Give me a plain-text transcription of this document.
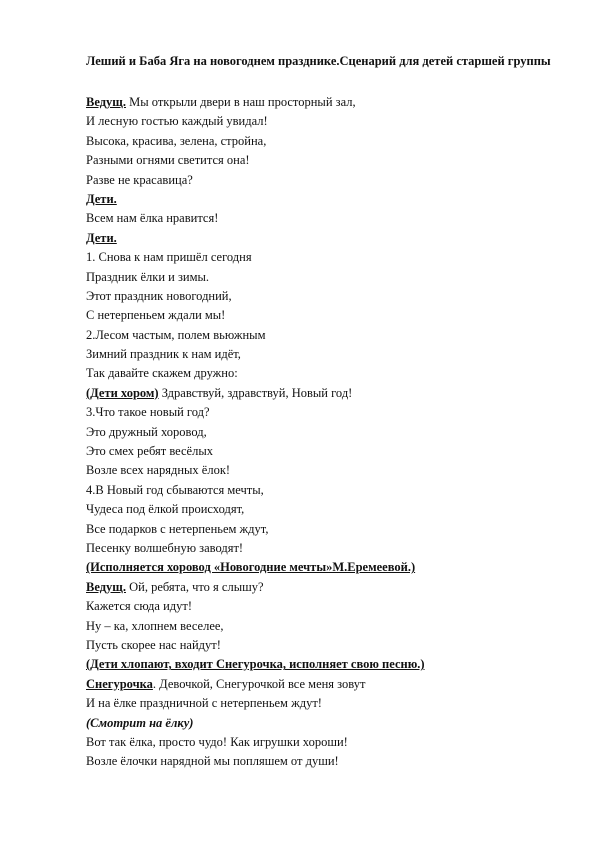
Леший и Баба Яга на новогоднем празднике.Сценарий для детей старшей группы
Ведущ. Мы открыли двери в наш просторный зал,
И лесную гостью каждый увидал!
Высока, красива, зелена, стройна,
Разными огнями светится она!
Разве не красавица?
Дети.
Всем нам ёлка нравится!
Дети.
1. Снова к нам пришёл сегодня
Праздник ёлки и зимы.
Этот праздник новогодний,
С нетерпеньем ждали мы!
2.Лесом частым, полем вьюжным
Зимний праздник к нам идёт,
Так давайте скажем дружно:
(Дети хором) Здравствуй, здравствуй, Новый год!
3.Что такое новый год?
Это дружный хоровод,
Это смех ребят весёлых
Возле всех нарядных ёлок!
4.В Новый год сбываются мечты,
Чудеса под ёлкой происходят,
Все подарков с нетерпеньем ждут,
Песенку волшебную заводят!
(Исполняется хоровод «Новогодние мечты»М.Еремеевой.)
Ведущ. Ой, ребята, что я слышу?
Кажется сюда идут!
Ну – ка, хлопнем веселее,
Пусть скорее нас найдут!
(Дети хлопают, входит Снегурочка, исполняет свою песню.)
Снегурочка. Девочкой, Снегурочкой все меня зовут
И на ёлке праздничной с нетерпеньем ждут!
(Смотрит на ёлку)
Вот так ёлка, просто чудо! Как игрушки хороши!
Возле ёлочки нарядной мы попляшем от души!
